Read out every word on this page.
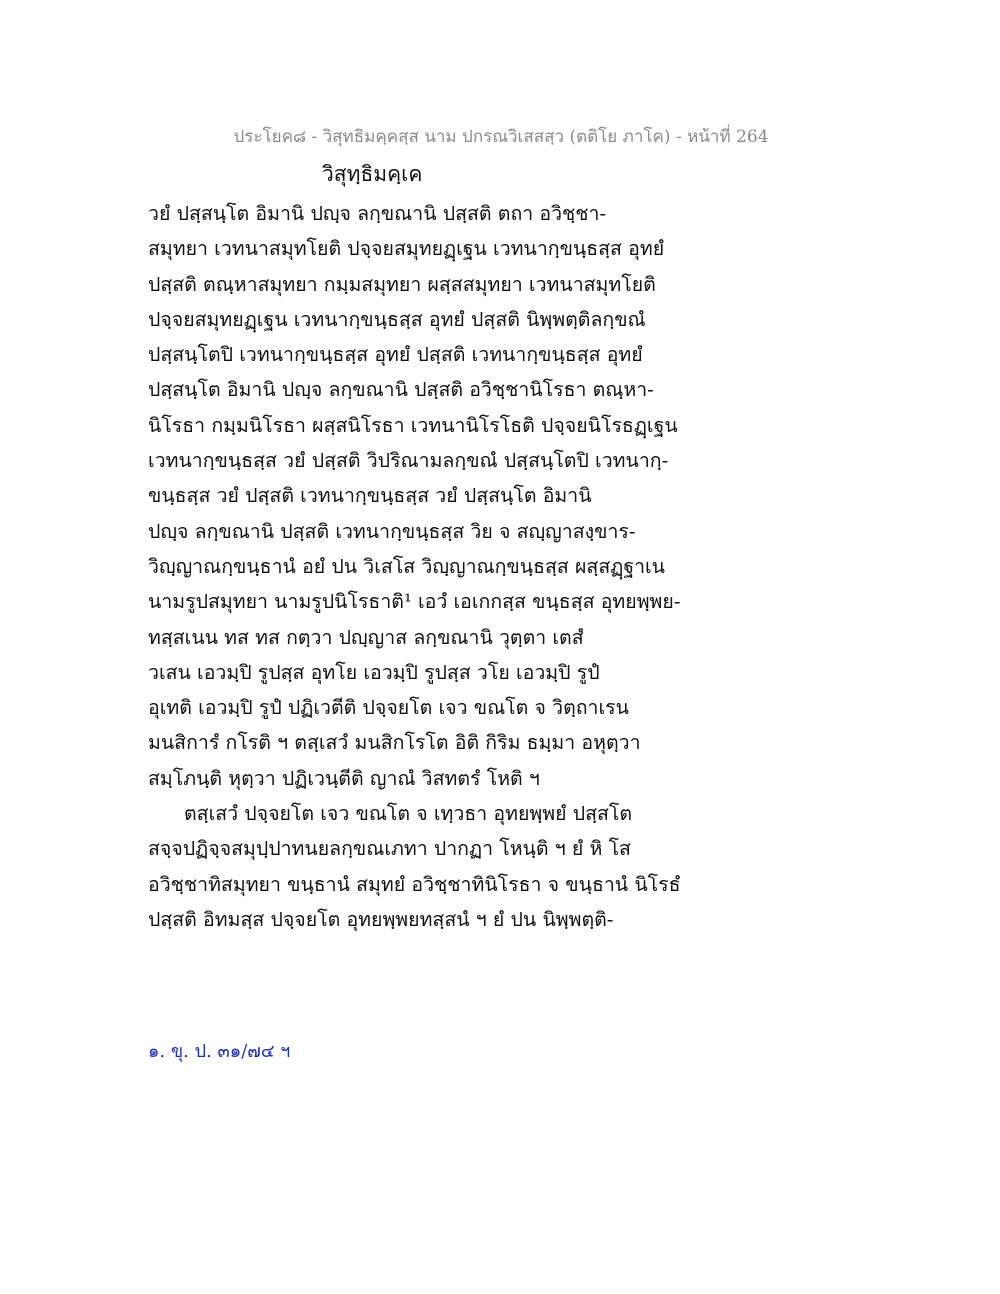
ประโยค๘ - วิสุทธิมคฺคสฺส นาม ปกรณวิเสสสฺว (ตติโย ภาโค) - หน้าที่ 264
วิสุทฺธิมคฺเค
วยํ ปสฺสนฺโต อิมานิ ปญฺจ ลกฺขณานิ ปสฺสติ ตถา อวิชฺชา-
สมุทยา เวทนาสมุทโยติ ปจฺจยสมุทยฏฺเฐน เวทนากฺขนฺธสฺส อุทยํ
ปสฺสติ ตณฺหาสมุทยา กมฺมสมุทยา ผสฺสสมุทยา เวทนาสมุทโยติ
ปจฺจยสมุทยฏฺเฐน เวทนากฺขนฺธสฺส อุทยํ ปสฺสติ นิพฺพตฺติลกฺขณํ
ปสฺสนฺโตปิ เวทนากฺขนฺธสฺส อุทยํ ปสฺสติ เวทนากฺขนฺธสฺส อุทยํ
ปสฺสนฺโต อิมานิ ปญฺจ ลกฺขณานิ ปสฺสติ อวิชฺชานิโรธา ตณฺหา-
นิโรธา กมฺมนิโรธา ผสฺสนิโรธา เวทนานิโรโธติ ปจฺจยนิโรธฏฺเฐน
เวทนากฺขนฺธสฺส วยํ ปสฺสติ วิปริณามลกฺขณํ ปสฺสนฺโตปิ เวทนากฺ-
ขนฺธสฺส วยํ ปสฺสติ เวทนากฺขนฺธสฺส วยํ ปสฺสนฺโต อิมานิ
ปญฺจ ลกฺขณานิ ปสฺสติ เวทนากฺขนฺธสฺส วิย จ สญฺญาสงฺขาร-
วิญฺญาณกฺขนฺธานํ อยํ ปน วิเสโส วิญฺญาณกฺขนฺธสฺส ผสฺสฏฺฐาเน
นามรูปสมุทยา นามรูปนิโรธาติ¹ เอวํ เอเกกสฺส ขนฺธสฺส อุทยพฺพย-
ทสฺสเนน ทส ทส กตฺวา ปญฺญาส ลกฺขณานิ วุตฺตา เตสํ
วเสน เอวมฺปิ รูปสฺส อุทโย เอวมฺปิ รูปสฺส วโย เอวมฺปิ รูปํ
อุเทติ เอวมฺปิ รูปํ ปฏิเวตีติ ปจฺจยโต เจว ขณโต จ วิตฺถาเรน
มนสิการํ กโรติ ฯ ตสฺเสวํ มนสิกโรโต อิติ กิริม ธมฺมา อหุตฺวา
สมฺโภนฺติ หุตฺวา ปฏิเวนฺตีติ ญาณํ วิสทตรํ โหติ ฯ
ตสฺเสวํ ปจฺจยโต เจว ขณโต จ เทฺวธา อุทยพฺพยํ ปสฺสโต
สจฺจปฏิจฺจสมุปฺปาทนยลกฺขณเภทา ปากฏา โหนฺติ ฯ ยํ หิ โส
อวิชฺชาทิสมุทยา ขนฺธานํ สมุทยํ อวิชฺชาทินิโรธา จ ขนฺธานํ นิโรธํ
ปสฺสติ อิทมสฺส ปจฺจยโต อุทยพฺพยทสฺสนํ ฯ ยํ ปน นิพฺพตฺติ-
๑. ขุ. ป. ๓๑/๗๔ ฯ
